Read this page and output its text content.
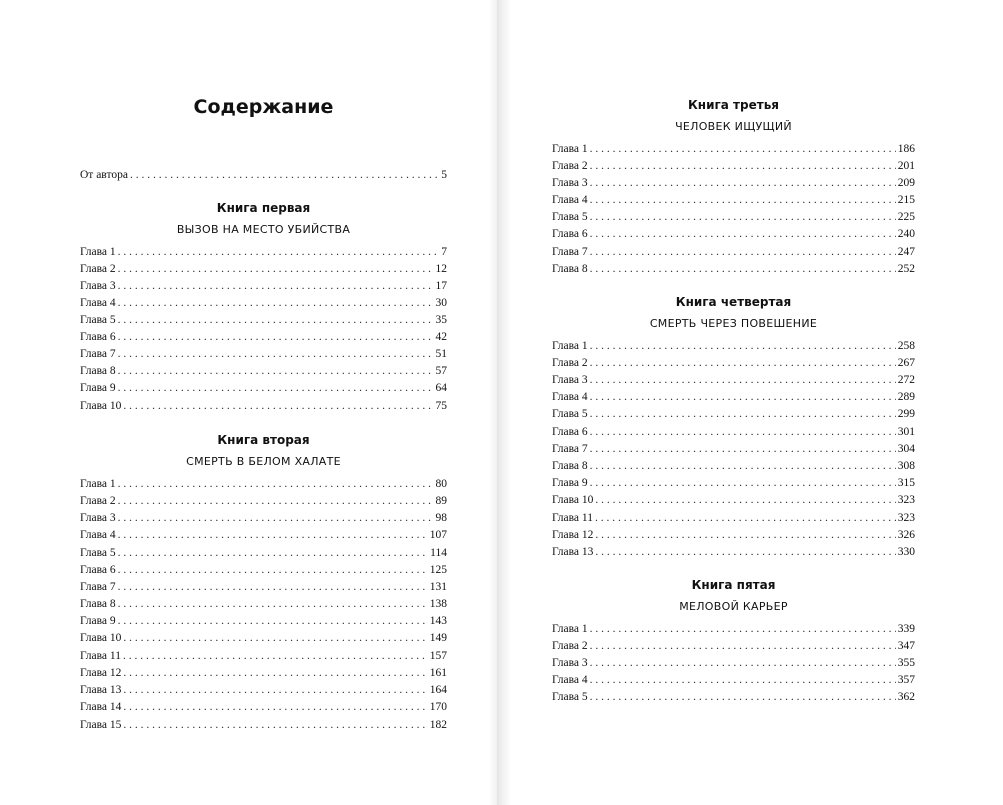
Содержание
От автора . . .	5
Книга первая
ВЫЗОВ НА МЕСТО УБИЙСТВА
Глава 1 . . .	7
Глава 2 . . .	12
Глава 3 . . .	17
Глава 4 . . .	30
Глава 5 . . .	35
Глава 6 . . .	42
Глава 7 . . .	51
Глава 8 . . .	57
Глава 9 . . .	64
Глава 10 . . .	75
Книга вторая
СМЕРТЬ В БЕЛОМ ХАЛАТЕ
Глава 1 . . .	80
Глава 2 . . .	89
Глава 3 . . .	98
Глава 4 . . .	107
Глава 5 . . .	114
Глава 6 . . .	125
Глава 7 . . .	131
Глава 8 . . .	138
Глава 9 . . .	143
Глава 10 . . .	149
Глава 11 . . .	157
Глава 12 . . .	161
Глава 13 . . .	164
Глава 14 . . .	170
Глава 15 . . .	182
Книга третья
ЧЕЛОВЕК ИЩУЩИЙ
Глава 1 . . .	186
Глава 2 . . .	201
Глава 3 . . .	209
Глава 4 . . .	215
Глава 5 . . .	225
Глава 6 . . .	240
Глава 7 . . .	247
Глава 8 . . .	252
Книга четвертая
СМЕРТЬ ЧЕРЕЗ ПОВЕШЕНИЕ
Глава 1 . . .	258
Глава 2 . . .	267
Глава 3 . . .	272
Глава 4 . . .	289
Глава 5 . . .	299
Глава 6 . . .	301
Глава 7 . . .	304
Глава 8 . . .	308
Глава 9 . . .	315
Глава 10 . . .	323
Глава 11 . . .	323
Глава 12 . . .	326
Глава 13 . . .	330
Книга пятая
МЕЛОВОЙ КАРЬЕР
Глава 1 . . .	339
Глава 2 . . .	347
Глава 3 . . .	355
Глава 4 . . .	357
Глава 5 . . .	362
